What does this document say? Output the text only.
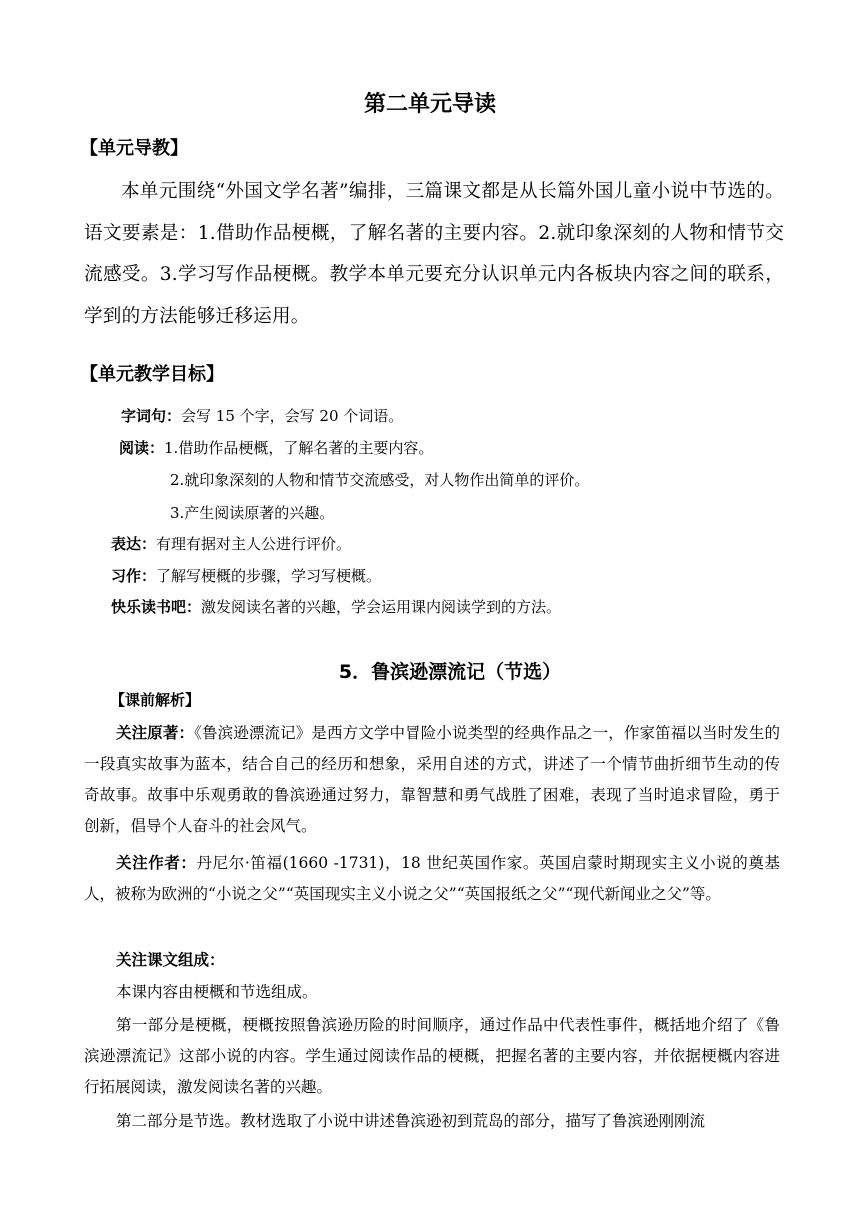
第二单元导读
【单元导教】
本单元围绕“外国文学名著”编排，三篇课文都是从长篇外国儿童小说中节选的。语文要素是：1.借助作品梗概，了解名著的主要内容。2.就印象深刻的人物和情节交流感受。3.学习写作品梗概。教学本单元要充分认识单元内各板块内容之间的联系，学到的方法能够迁移运用。
【单元教学目标】
字词句：会写 15 个字，会写 20 个词语。
阅读：1.借助作品梗概，了解名著的主要内容。
2.就印象深刻的人物和情节交流感受，对人物作出简单的评价。
3.产生阅读原著的兴趣。
表达：有理有据对主人公进行评价。
习作：了解写梗概的步骤，学习写梗概。
快乐读书吧：激发阅读名著的兴趣，学会运用课内阅读学到的方法。
5．鲁滨逊漂流记（节选）
【课前解析】
关注原著：《鲁滨逊漂流记》是西方文学中冒险小说类型的经典作品之一，作家笛福以当时发生的一段真实故事为蓝本，结合自己的经历和想象，采用自述的方式，讲述了一个情节曲折细节生动的传奇故事。故事中乐观勇敢的鲁滨逊通过努力，靠智慧和勇气战胜了困难，表现了当时追求冒险，勇于创新，倡导个人奋斗的社会风气。
关注作者：丹尼尔·笛福(1660 -1731)，18 世纪英国作家。英国启蒙时期现实主义小说的奠基人，被称为欧洲的“小说之父”“英国现实主义小说之父”“英国报纸之父”“现代新闻业之父”等。
关注课文组成：
本课内容由梗概和节选组成。
第一部分是梗概，梗概按照鲁滨逊历险的时间顺序，通过作品中代表性事件，概括地介绍了《鲁滨逊漂流记》这部小说的内容。学生通过阅读作品的梗概，把握名著的主要内容，并依据梗概内容进行拓展阅读，激发阅读名著的兴趣。
第二部分是节选。教材选取了小说中讲述鲁滨逊初到荒岛的部分，描写了鲁滨逊刚刚流
